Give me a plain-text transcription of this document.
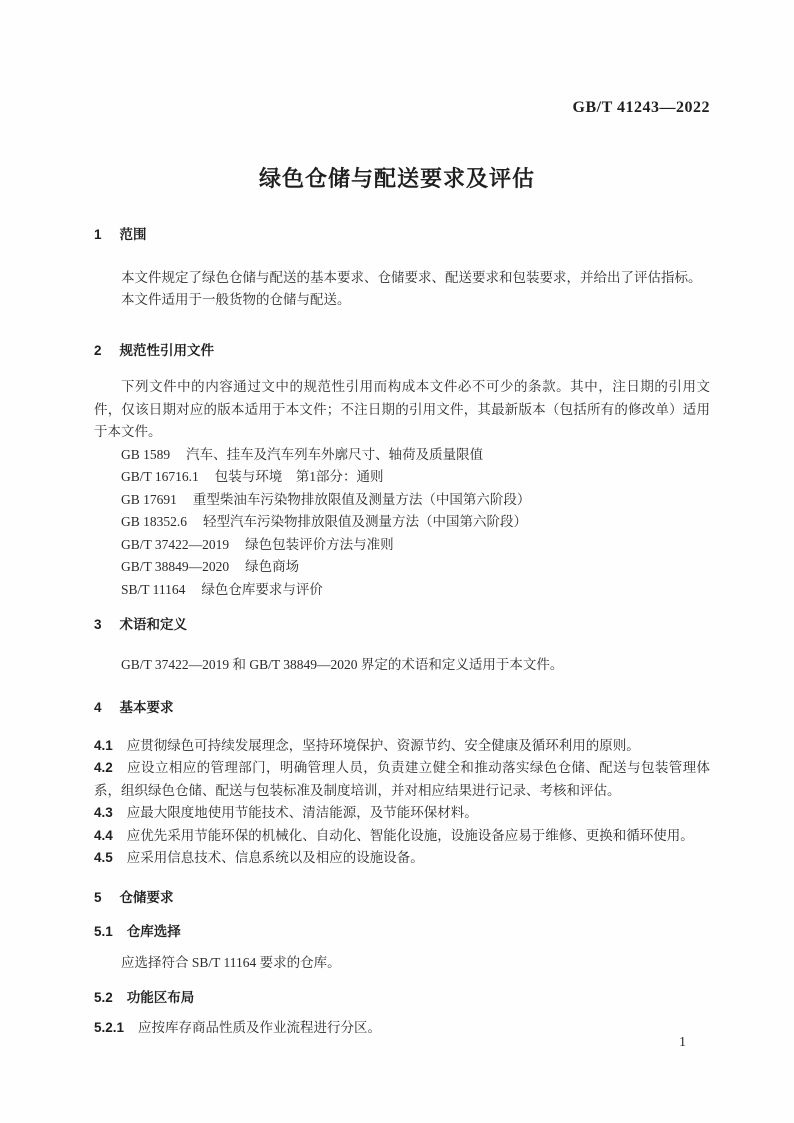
GB/T 41243—2022
绿色仓储与配送要求及评估
1 范围

本文件规定了绿色仓储与配送的基本要求、仓储要求、配送要求和包装要求，并给出了评估指标。

本文件适用于一般货物的仓储与配送。

2 规范性引用文件

下列文件中的内容通过文中的规范性引用而构成本文件必不可少的条款。其中，注日期的引用文件，仅该日期对应的版本适用于本文件；不注日期的引用文件，其最新版本（包括所有的修改单）适用于本文件。

GB 1589 汽车、挂车及汽车列车外廓尺寸、轴荷及质量限值

GB/T 16716.1 包装与环境　第1部分：通则

GB 17691 重型柴油车污染物排放限值及测量方法（中国第六阶段）

GB 18352.6 轻型汽车污染物排放限值及测量方法（中国第六阶段）

GB/T 37422—2019 绿色包装评价方法与准则

GB/T 38849—2020 绿色商场

SB/T 11164 绿色仓库要求与评价

3 术语和定义

GB/T 37422—2019 和 GB/T 38849—2020 界定的术语和定义适用于本文件。

4 基本要求

4.1 应贯彻绿色可持续发展理念，坚持环境保护、资源节约、安全健康及循环利用的原则。

4.2 应设立相应的管理部门，明确管理人员，负责建立健全和推动落实绿色仓储、配送与包装管理体系，组织绿色仓储、配送与包装标准及制度培训，并对相应结果进行记录、考核和评估。

4.3 应最大限度地使用节能技术、清洁能源，及节能环保材料。

4.4 应优先采用节能环保的机械化、自动化、智能化设施，设施设备应易于维修、更换和循环使用。

4.5 应采用信息技术、信息系统以及相应的设施设备。

5 仓储要求
5.1 仓库选择

应选择符合 SB/T 11164 要求的仓库。

5.2 功能区布局

5.2.1 应按库存商品性质及作业流程进行分区。

1
